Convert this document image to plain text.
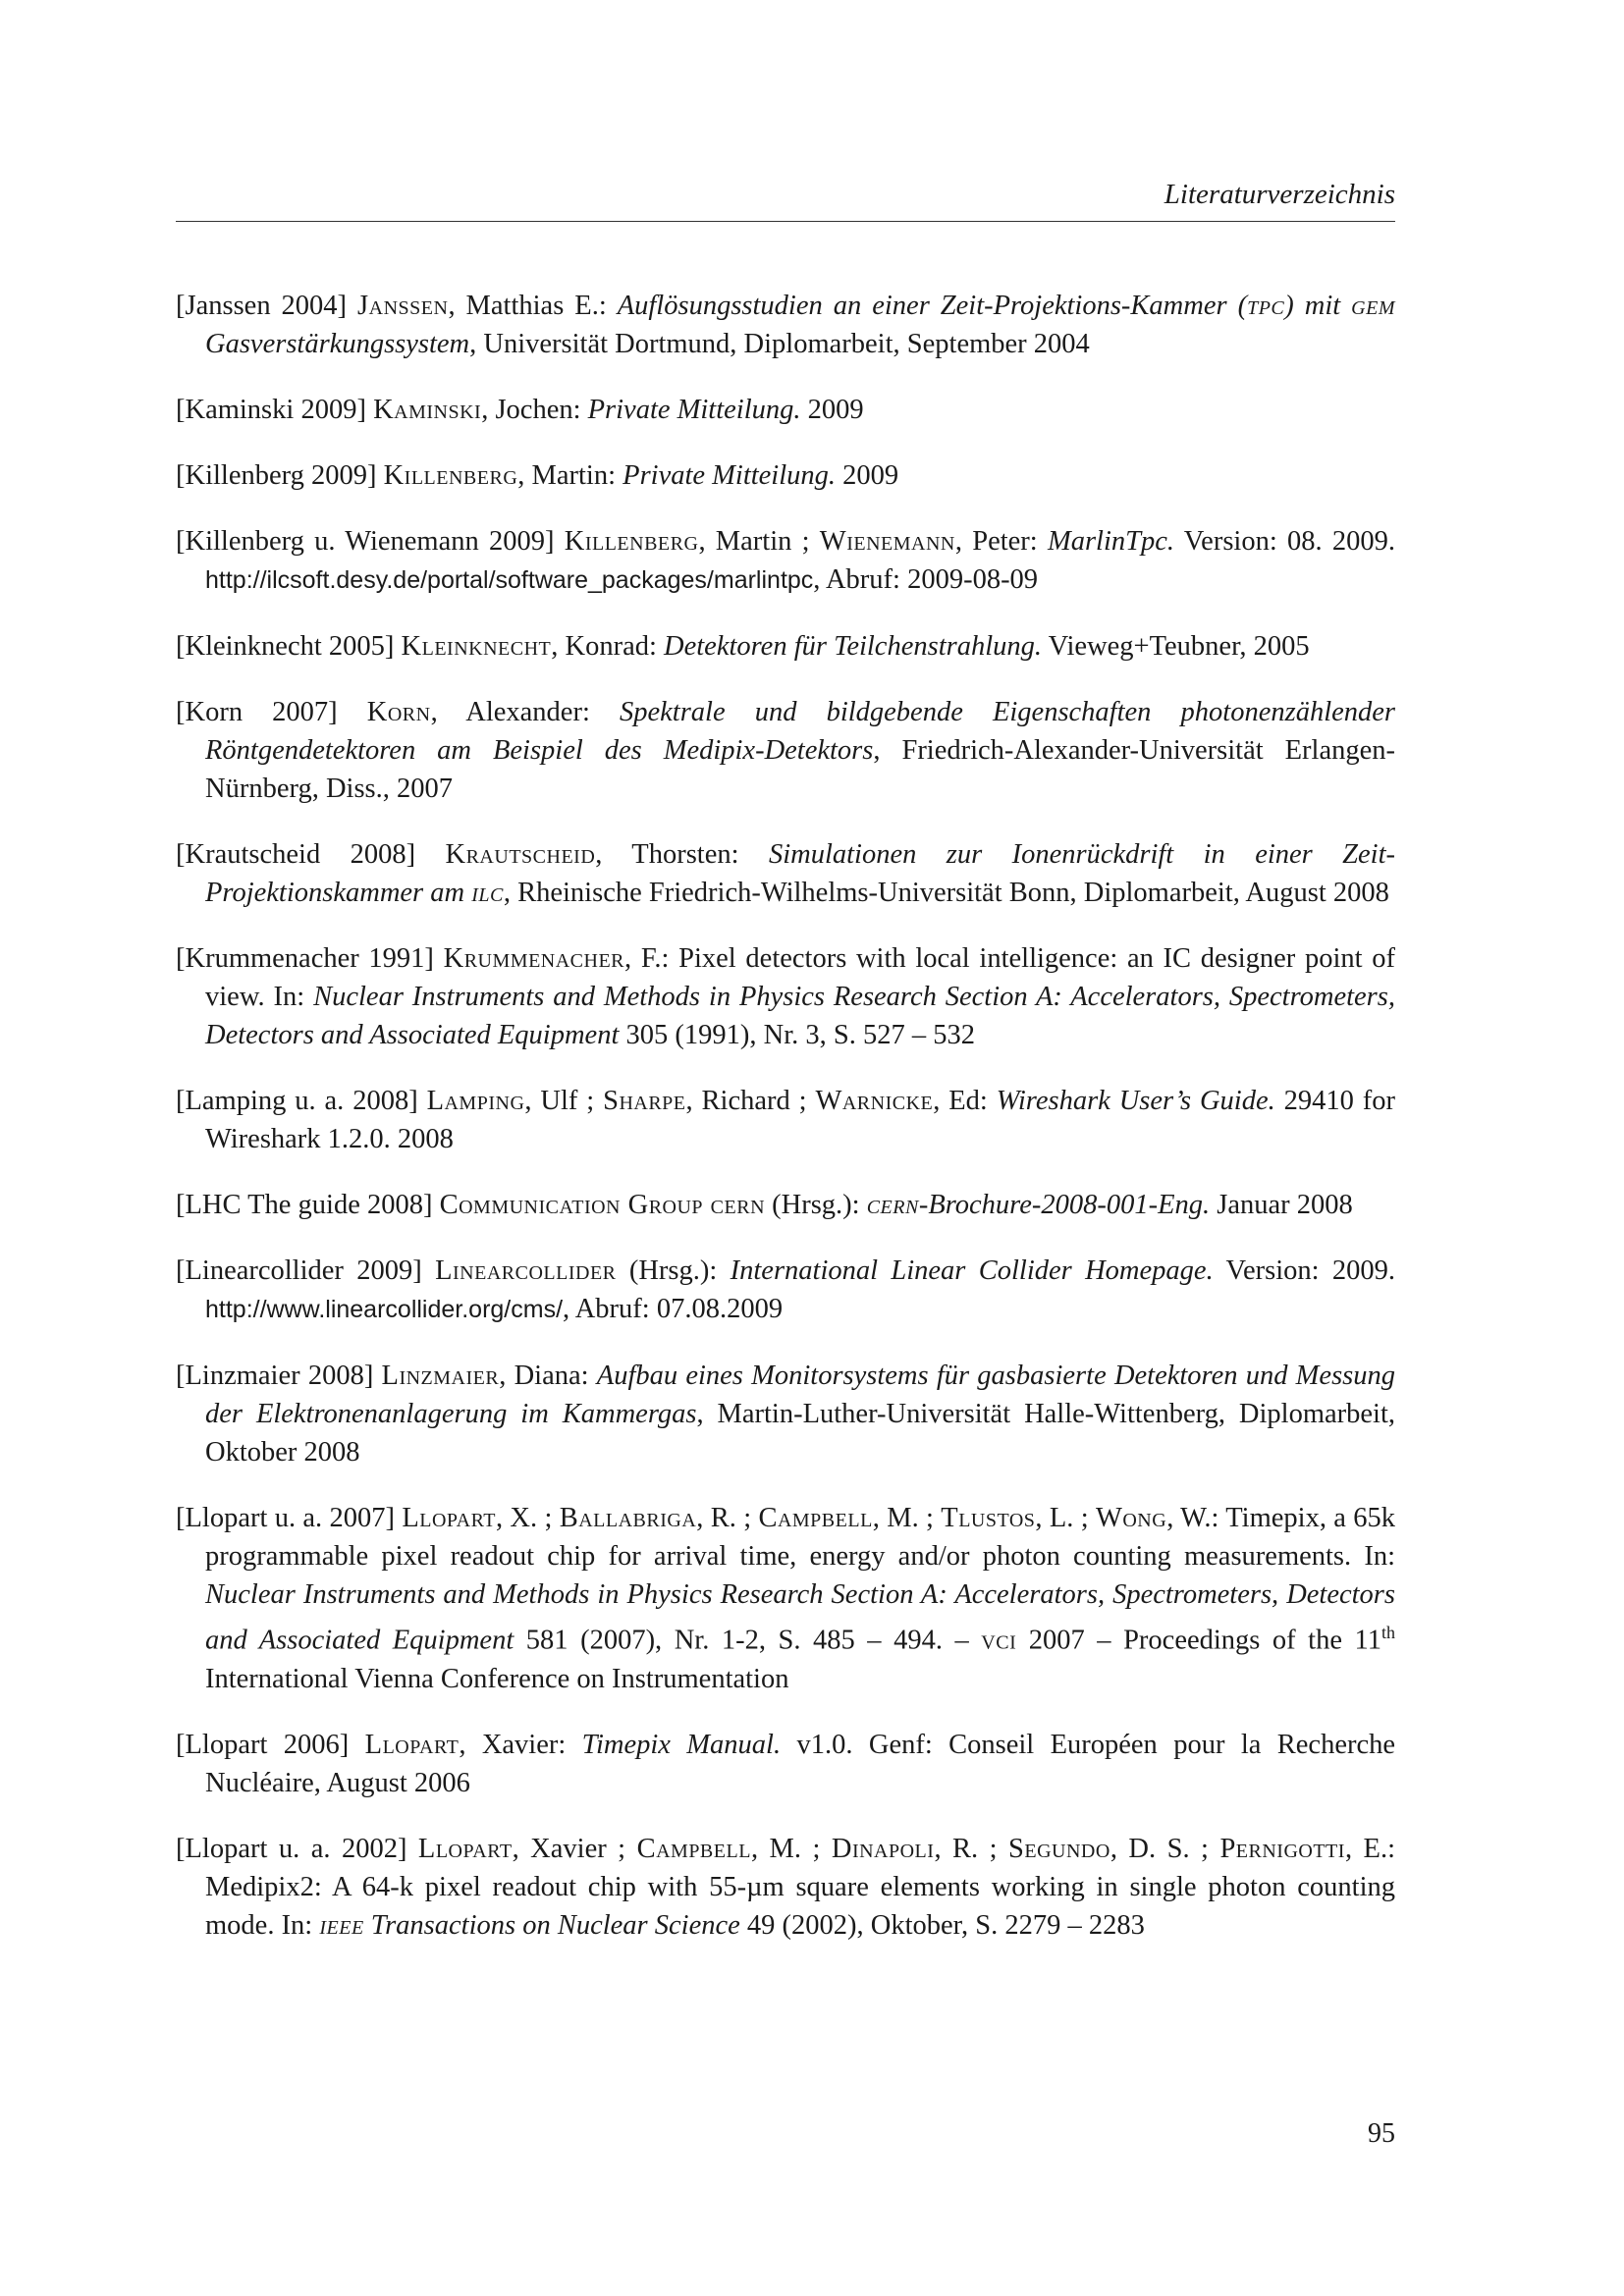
Literaturverzeichnis
[Janssen 2004] Janssen, Matthias E.: Auflösungsstudien an einer Zeit-Projektions-Kammer (tpc) mit gem Gasverstärkungssystem, Universität Dortmund, Diplomarbeit, September 2004
[Kaminski 2009] Kaminski, Jochen: Private Mitteilung. 2009
[Killenberg 2009] Killenberg, Martin: Private Mitteilung. 2009
[Killenberg u. Wienemann 2009] Killenberg, Martin ; Wienemann, Peter: MarlinTpc. Version: 08. 2009. http://ilcsoft.desy.de/portal/software_packages/marlintpc, Abruf: 2009-08-09
[Kleinknecht 2005] Kleinknecht, Konrad: Detektoren für Teilchenstrahlung. Vieweg+Teubner, 2005
[Korn 2007] Korn, Alexander: Spektrale und bildgebende Eigenschaften photonenzählender Röntgendetektoren am Beispiel des Medipix-Detektors, Friedrich-Alexander-Universität Erlangen-Nürnberg, Diss., 2007
[Krautscheid 2008] Krautscheid, Thorsten: Simulationen zur Ionenrückdrift in einer Zeit-Projektionskammer am ilc, Rheinische Friedrich-Wilhelms-Universität Bonn, Diplomarbeit, August 2008
[Krummenacher 1991] Krummenacher, F.: Pixel detectors with local intelligence: an IC designer point of view. In: Nuclear Instruments and Methods in Physics Research Section A: Accelerators, Spectrometers, Detectors and Associated Equipment 305 (1991), Nr. 3, S. 527 – 532
[Lamping u. a. 2008] Lamping, Ulf ; Sharpe, Richard ; Warnicke, Ed: Wireshark User’s Guide. 29410 for Wireshark 1.2.0. 2008
[LHC The guide 2008] Communication Group cern (Hrsg.): cern-Brochure-2008-001-Eng. Januar 2008
[Linearcollider 2009] Linearcollider (Hrsg.): International Linear Collider Homepage. Version: 2009. http://www.linearcollider.org/cms/, Abruf: 07.08.2009
[Linzmaier 2008] Linzmaier, Diana: Aufbau eines Monitorsystems für gasbasierte Detektoren und Messung der Elektronenanlagerung im Kammergas, Martin-Luther-Universität Halle-Wittenberg, Diplomarbeit, Oktober 2008
[Llopart u. a. 2007] Llopart, X. ; Ballabriga, R. ; Campbell, M. ; Tlustos, L. ; Wong, W.: Timepix, a 65k programmable pixel readout chip for arrival time, energy and/or photon counting measurements. In: Nuclear Instruments and Methods in Physics Research Section A: Accelerators, Spectrometers, Detectors and Associated Equipment 581 (2007), Nr. 1-2, S. 485 – 494. – vci 2007 – Proceedings of the 11th International Vienna Conference on Instrumentation
[Llopart 2006] Llopart, Xavier: Timepix Manual. v1.0. Genf: Conseil Européen pour la Recherche Nucléaire, August 2006
[Llopart u. a. 2002] Llopart, Xavier ; Campbell, M. ; Dinapoli, R. ; Segundo, D. S. ; Pernigotti, E.: Medipix2: A 64-k pixel readout chip with 55-µm square elements working in single photon counting mode. In: ieee Transactions on Nuclear Science 49 (2002), Oktober, S. 2279 – 2283
95
